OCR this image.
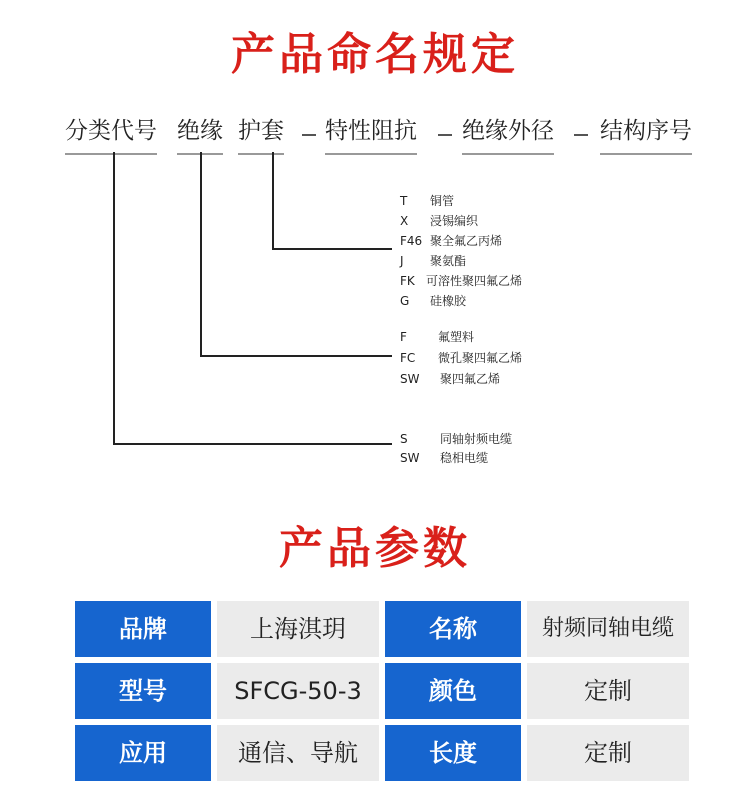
产品命名规定
分类代号 绝缘 护套 特性阻抗 绝缘外径 结构序号
T 铜管
X 浸锡编织
F46 聚全氟乙丙烯
J 聚氨酯
FK 可溶性聚四氟乙烯
G 硅橡胶
F	氟塑料
FC 微孔聚四氟乙烯
SW 聚四氟乙烯
S	同轴射频电缆
SW 稳相电缆
产品参数
品牌	上海淇玥	名称	射频同轴电缆
型号	SFCG-50-3	颜色	定制
应用	通信、导航	长度	定制
